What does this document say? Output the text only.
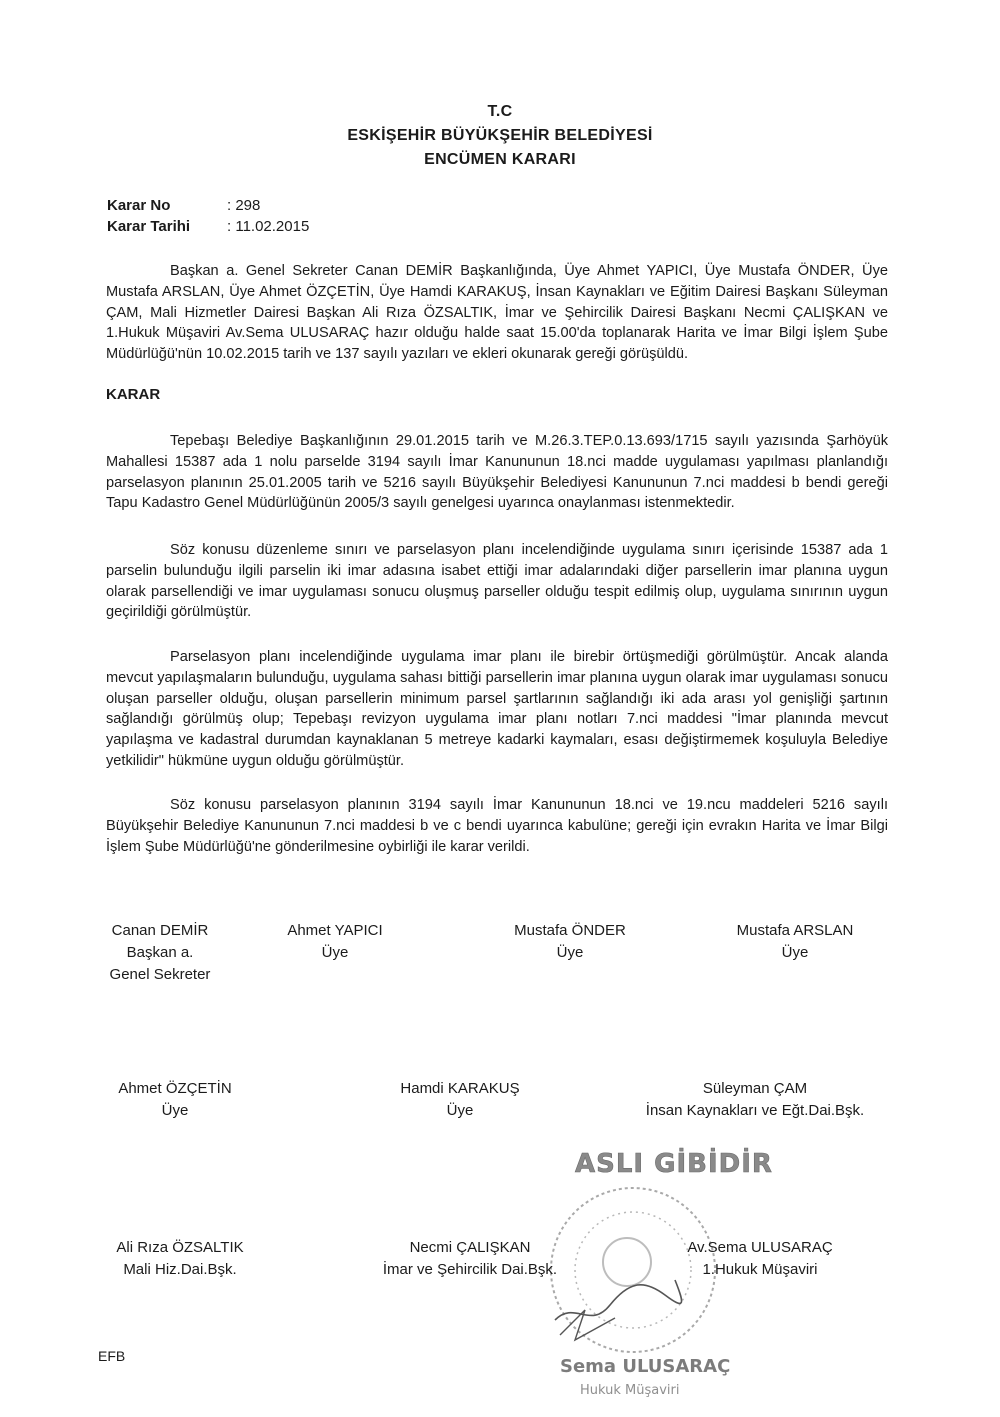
T.C
ESKİŞEHİR BÜYÜKŞEHİR BELEDİYESİ
ENCÜMEN KARARI
Karar No	: 298
Karar Tarihi : 11.02.2015

Başkan a. Genel Sekreter Canan DEMİR Başkanlığında, Üye Ahmet YAPICI, Üye Mustafa ÖNDER, Üye Mustafa ARSLAN, Üye Ahmet ÖZÇETİN, Üye Hamdi KARAKUŞ, İnsan Kaynakları ve Eğitim Dairesi Başkanı Süleyman ÇAM, Mali Hizmetler Dairesi Başkan Ali Rıza ÖZSALTIK, İmar ve Şehircilik Dairesi Başkanı Necmi ÇALIŞKAN ve 1.Hukuk Müşaviri Av.Sema ULUSARAÇ hazır olduğu halde saat 15.00'da toplanarak Harita ve İmar Bilgi İşlem Şube Müdürlüğü'nün 10.02.2015 tarih ve 137 sayılı yazıları ve ekleri okunarak gereği görüşüldü.

KARAR

Tepebaşı Belediye Başkanlığının 29.01.2015 tarih ve M.26.3.TEP.0.13.693/1715 sayılı yazısında Şarhöyük Mahallesi 15387 ada 1 nolu parselde 3194 sayılı İmar Kanununun 18.nci madde uygulaması yapılması planlandığı parselasyon planının 25.01.2005 tarih ve 5216 sayılı Büyükşehir Belediyesi Kanununun 7.nci maddesi b bendi gereği Tapu Kadastro Genel Müdürlüğünün 2005/3 sayılı genelgesi uyarınca onaylanması istenmektedir.

Söz konusu düzenleme sınırı ve parselasyon planı incelendiğinde uygulama sınırı içerisinde 15387 ada 1 parselin bulunduğu ilgili parselin iki imar adasına isabet ettiği imar adalarındaki diğer parsellerin imar planına uygun olarak parsellendiği ve imar uygulaması sonucu oluşmuş parseller olduğu tespit edilmiş olup, uygulama sınırının uygun geçirildiği görülmüştür.

Parselasyon planı incelendiğinde uygulama imar planı ile birebir örtüşmediği görülmüştür. Ancak alanda mevcut yapılaşmaların bulunduğu, uygulama sahası bittiği parsellerin imar planına uygun olarak imar uygulaması sonucu oluşan parseller olduğu, oluşan parsellerin minimum parsel şartlarının sağlandığı iki ada arası yol genişliği şartının sağlandığı görülmüş olup; Tepebaşı revizyon uygulama imar planı notları 7.nci maddesi "İmar planında mevcut yapılaşma ve kadastral durumdan kaynaklanan 5 metreye kadarki kaymaları, esası değiştirmemek koşuluyla Belediye yetkilidir" hükmüne uygun olduğu görülmüştür.

Söz konusu parselasyon planının 3194 sayılı İmar Kanununun 18.nci ve 19.ncu maddeleri 5216 sayılı Büyükşehir Belediye Kanununun 7.nci maddesi b ve c bendi uyarınca kabulüne; gereği için evrakın Harita ve İmar Bilgi İşlem Şube Müdürlüğü'ne gönderilmesine oybirliği ile karar verildi.

Canan DEMİR
Başkan a.
Genel Sekreter
Ahmet YAPICI
Üye
Mustafa ÖNDER
Üye
Mustafa ARSLAN
Üye
Ahmet ÖZÇETİN
Üye
Hamdi KARAKUŞ
Üye
Süleyman ÇAM
İnsan Kaynakları ve Eğt.Dai.Bşk.
ASLI GİBİDİR
Sema ULUSARAÇ
Hukuk Müşaviri
Ali Rıza ÖZSALTIK
Mali Hiz.Dai.Bşk.
Necmi ÇALIŞKAN
İmar ve Şehircilik Dai.Bşk.
Av.Sema ULUSARAÇ
1.Hukuk Müşaviri
EFB
